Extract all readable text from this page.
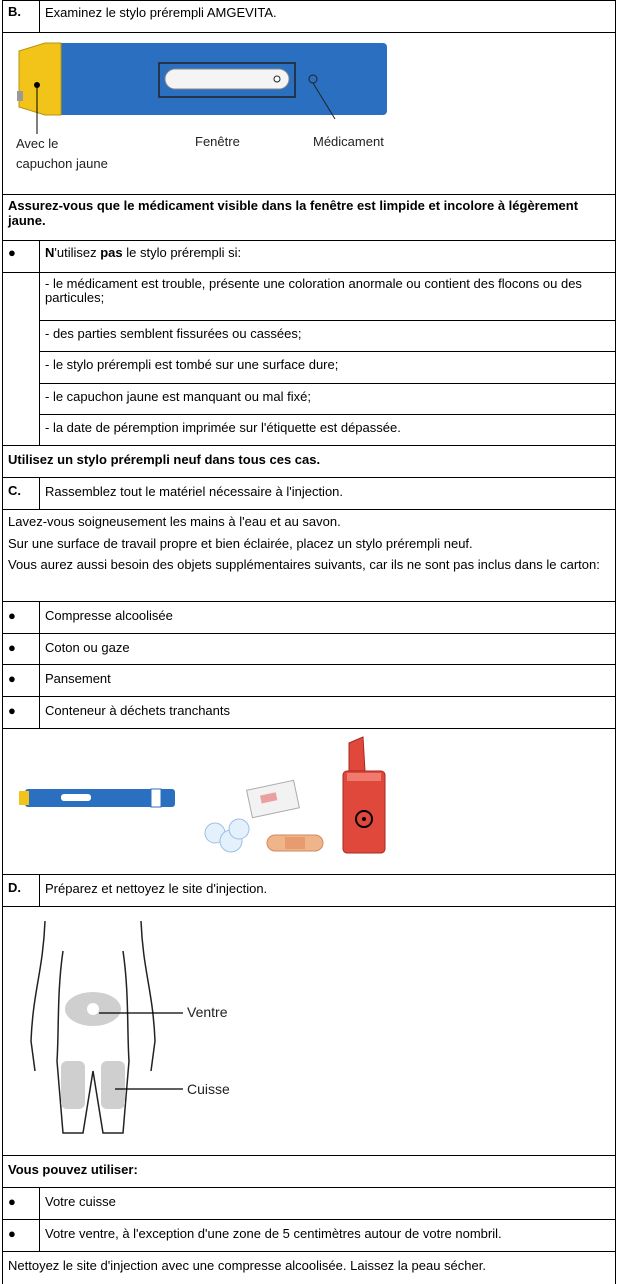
B. Examinez le stylo prérempli AMGEVITA.
Avec le
capuchon jaune
Fenêtre	Médicament
Assurez-vous que le médicament visible dans la fenêtre est limpide et incolore à légèrement jaune.
● N'utilisez pas le stylo prérempli si:
- le médicament est trouble, présente une coloration anormale ou contient des flocons ou des particules;
- des parties semblent fissurées ou cassées;
- le stylo prérempli est tombé sur une surface dure;
- le capuchon jaune est manquant ou mal fixé;
- la date de péremption imprimée sur l'étiquette est dépassée.
Utilisez un stylo prérempli neuf dans tous ces cas.
C. Rassemblez tout le matériel nécessaire à l'injection.
Lavez-vous soigneusement les mains à l'eau et au savon.
Sur une surface de travail propre et bien éclairée, placez un stylo prérempli neuf.
Vous aurez aussi besoin des objets supplémentaires suivants, car ils ne sont pas inclus dans le carton:
● Compresse alcoolisée
● Coton ou gaze
● Pansement
● Conteneur à déchets tranchants
D. Préparez et nettoyez le site d'injection.
Ventre
Cuisse
Vous pouvez utiliser:
● Votre cuisse
● Votre ventre, à l'exception d'une zone de 5 centimètres autour de votre nombril.
Nettoyez le site d'injection avec une compresse alcoolisée. Laissez la peau sécher.
